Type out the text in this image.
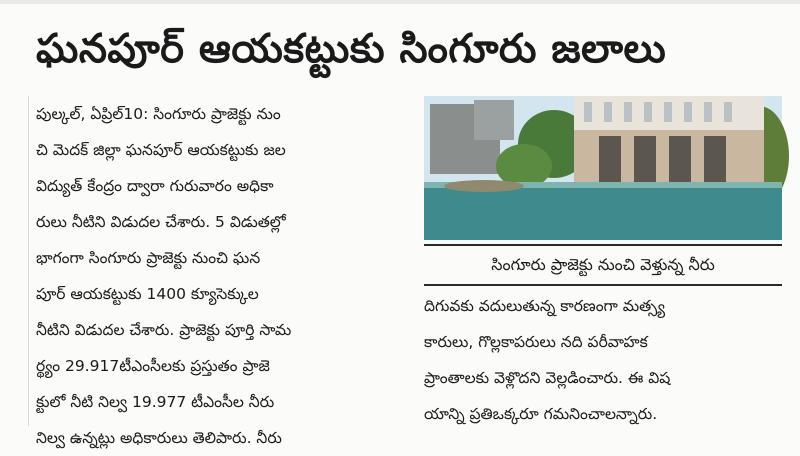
ఘనపూర్ ఆయకట్టుకు సింగూరు జలాలు

పుల్కల్, ఏప్రిల్10: సింగూరు ప్రాజెక్టు నుం

చి మెదక్ జిల్లా ఘనపూర్ ఆయకట్టుకు జల

విద్యుత్ కేంద్రం ద్వారా గురువారం అధికా

రులు నీటిని విడుదల చేశారు. 5 విడుతల్లో

భాగంగా సింగూరు ప్రాజెక్టు నుంచి ఘన

పూర్ ఆయకట్టుకు 1400 క్యూసెక్కుల

నీటిని విడుదల చేశారు. ప్రాజెక్టు పూర్తి సామ

ర్థ్యం 29.917టీఎంసీలకు ప్రస్తుతం ప్రాజె

క్టులో నీటి నిల్వ 19.977 టీఎంసీల నీరు

నిల్వ ఉన్నట్లు అధికారులు తెలిపారు. నీరు

సింగూరు ప్రాజెక్టు నుంచి వెళ్తున్న నీరు

దిగువకు వదులుతున్న కారణంగా మత్స్య

కారులు, గొల్లకాపరులు నది పరీవాహక

ప్రాంతాలకు వెళ్లొదని వెల్లడించారు. ఈ విష

యాన్ని ప్రతిఒక్కరూ గమనించాలన్నారు.
